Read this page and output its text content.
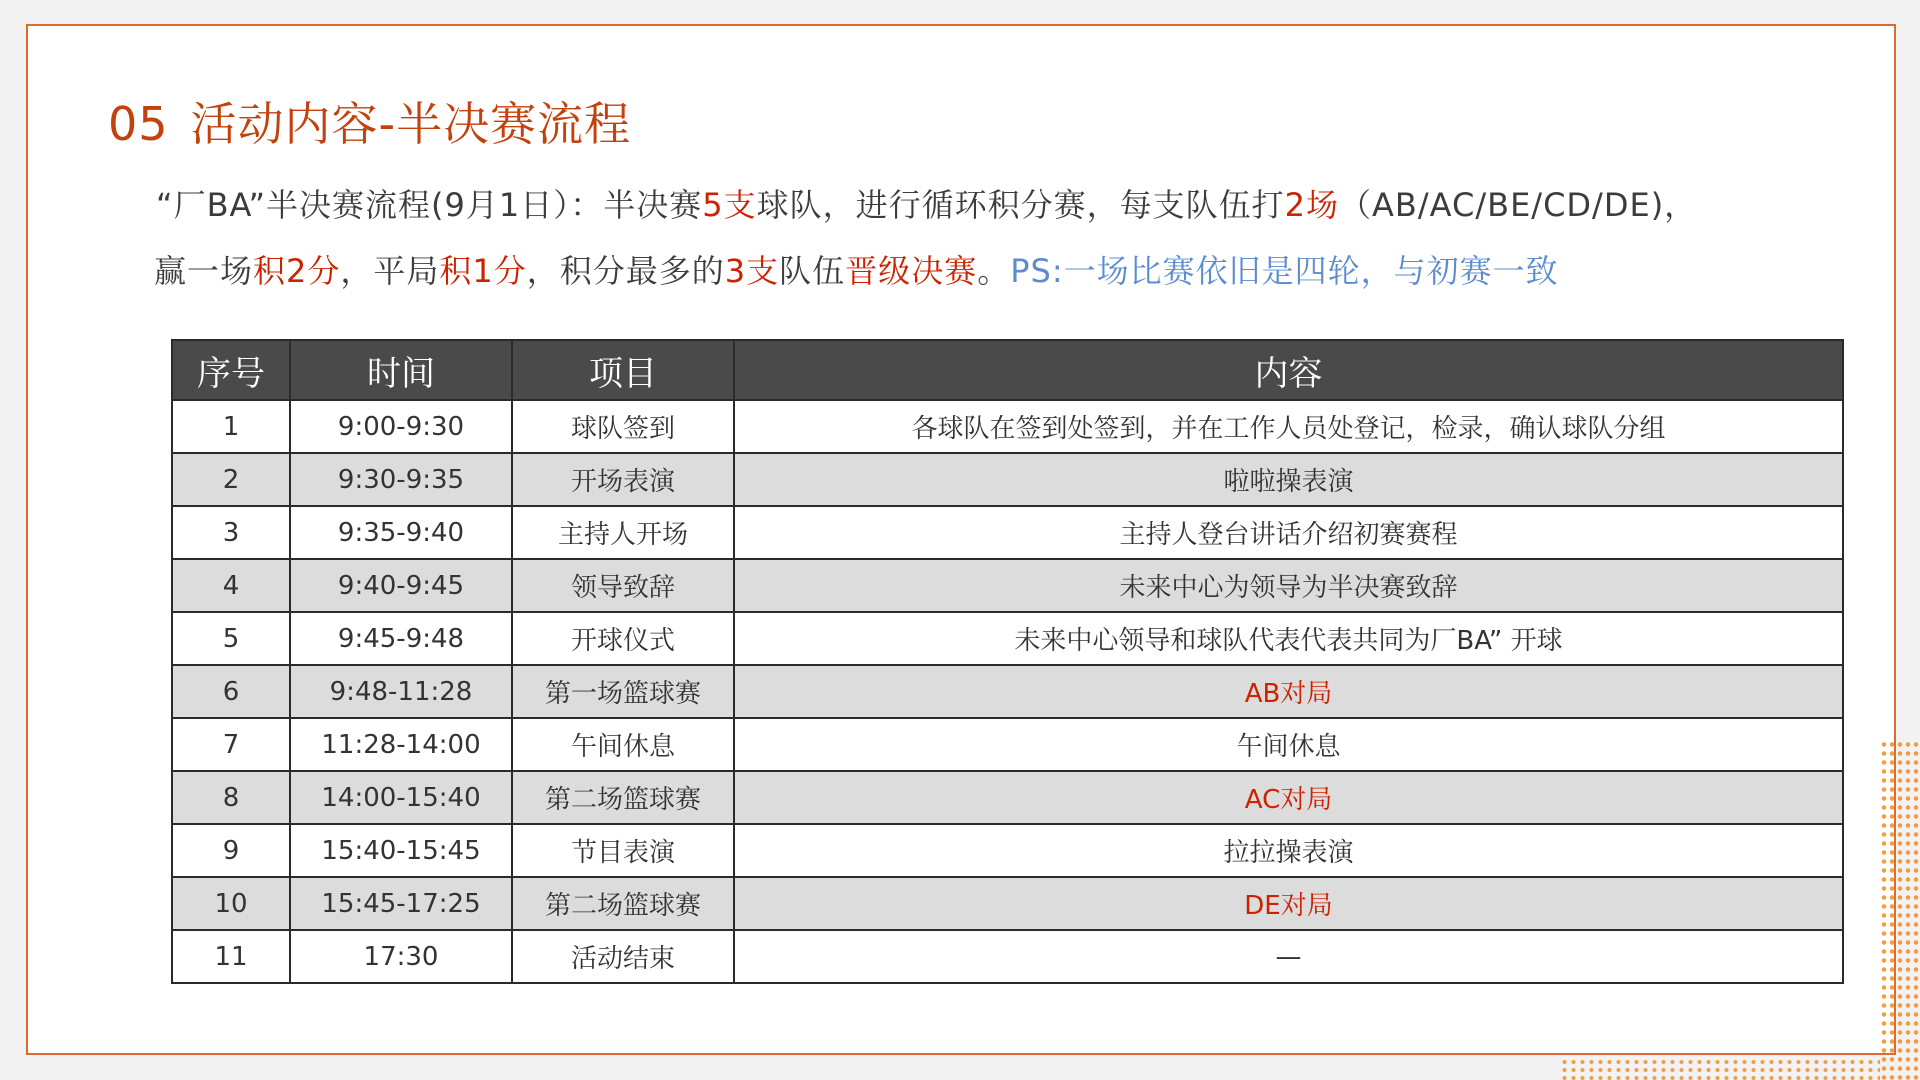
05 活动内容-半决赛流程
“厂BA”半决赛流程(9月1日）：半决赛5支球队，进行循环积分赛，每支队伍打2场（AB/AC/BE/CD/DE)，
赢一场积2分，平局积1分，积分最多的3支队伍晋级决赛。PS:一场比赛依旧是四轮，与初赛一致
序号	时间	项目	内容
1	9:00-9:30	球队签到	各球队在签到处签到，并在工作人员处登记，检录，确认球队分组
2	9:30-9:35	开场表演	啦啦操表演
3	9:35-9:40	主持人开场	主持人登台讲话介绍初赛赛程
4	9:40-9:45	领导致辞	未来中心为领导为半决赛致辞
5	9:45-9:48	开球仪式	未来中心领导和球队代表代表共同为厂BA” 开球
6	9:48-11:28	第一场篮球赛	AB对局
7	11:28-14:00	午间休息	午间休息
8	14:00-15:40	第二场篮球赛	AC对局
9	15:40-15:45	节目表演	拉拉操表演
10	15:45-17:25	第二场篮球赛	DE对局
11	17:30	活动结束	—
